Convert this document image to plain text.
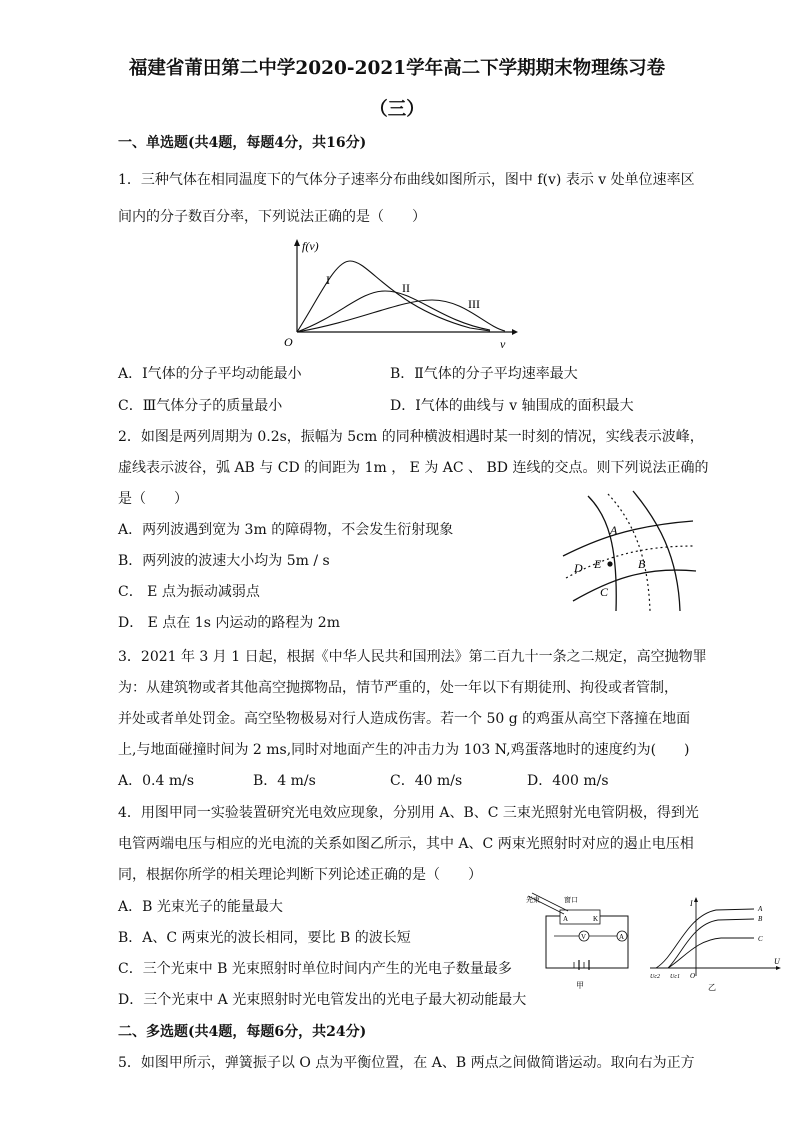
福建省莆田第二中学2020-2021学年高二下学期期末物理练习卷
（三）
一、单选题(共4题，每题4分，共16分)
1．三种气体在相同温度下的气体分子速率分布曲线如图所示，图中 f(v) 表示 v 处单位速率区
间内的分子数百分率，下列说法正确的是（　　）
f(v)
O	v
I
II
III
A．Ⅰ气体的分子平均动能最小	B．Ⅱ气体的分子平均速率最大
C．Ⅲ气体分子的质量最小	D．Ⅰ气体的曲线与 v 轴围成的面积最大
2．如图是两列周期为 0.2s，振幅为 5cm 的同种横波相遇时某一时刻的情况，实线表示波峰，
虚线表示波谷，弧 AB 与 CD 的间距为 1m ， E 为 AC 、 BD 连线的交点。则下列说法正确的
是（　　）
A．两列波遇到宽为 3m 的障碍物，不会发生衍射现象
B．两列波的波速大小均为 5m / s
C． E 点为振动减弱点
D． E 点在 1s 内运动的路程为 2m
A
B
C
D E
3．2021 年 3 月 1 日起，根据《中华人民共和国刑法》第二百九十一条之二规定，高空抛物罪
为：从建筑物或者其他高空抛掷物品，情节严重的，处一年以下有期徒刑、拘役或者管制，
并处或者单处罚金。高空坠物极易对行人造成伤害。若一个 50 g 的鸡蛋从高空下落撞在地面
上,与地面碰撞时间为 2 ms,同时对地面产生的冲击力为 103 N,鸡蛋落地时的速度约为(　　)
A．0.4 m/s	B．4 m/s	C．40 m/s	D．400 m/s
4．用图甲同一实验装置研究光电效应现象，分别用 A、B、C 三束光照射光电管阴极，得到光
电管两端电压与相应的光电流的关系如图乙所示，其中 A、C 两束光照射时对应的遏止电压相
同，根据你所学的相关理论判断下列论述正确的是（　　）
A．B 光束光子的能量最大
B．A、C 两束光的波长相同，要比 B 的波长短
C．三个光束中 B 光束照射时单位时间内产生的光电子数量最多
D．三个光束中 A 光束照射时光电管发出的光电子最大初动能最大
光束	窗口
A	K
V	A
甲
I
U
O
Uc2 Uc1
A
B
C
乙
二、多选题(共4题，每题6分，共24分)
5．如图甲所示，弹簧振子以 O 点为平衡位置，在 A、B 两点之间做简谐运动。取向右为正方
